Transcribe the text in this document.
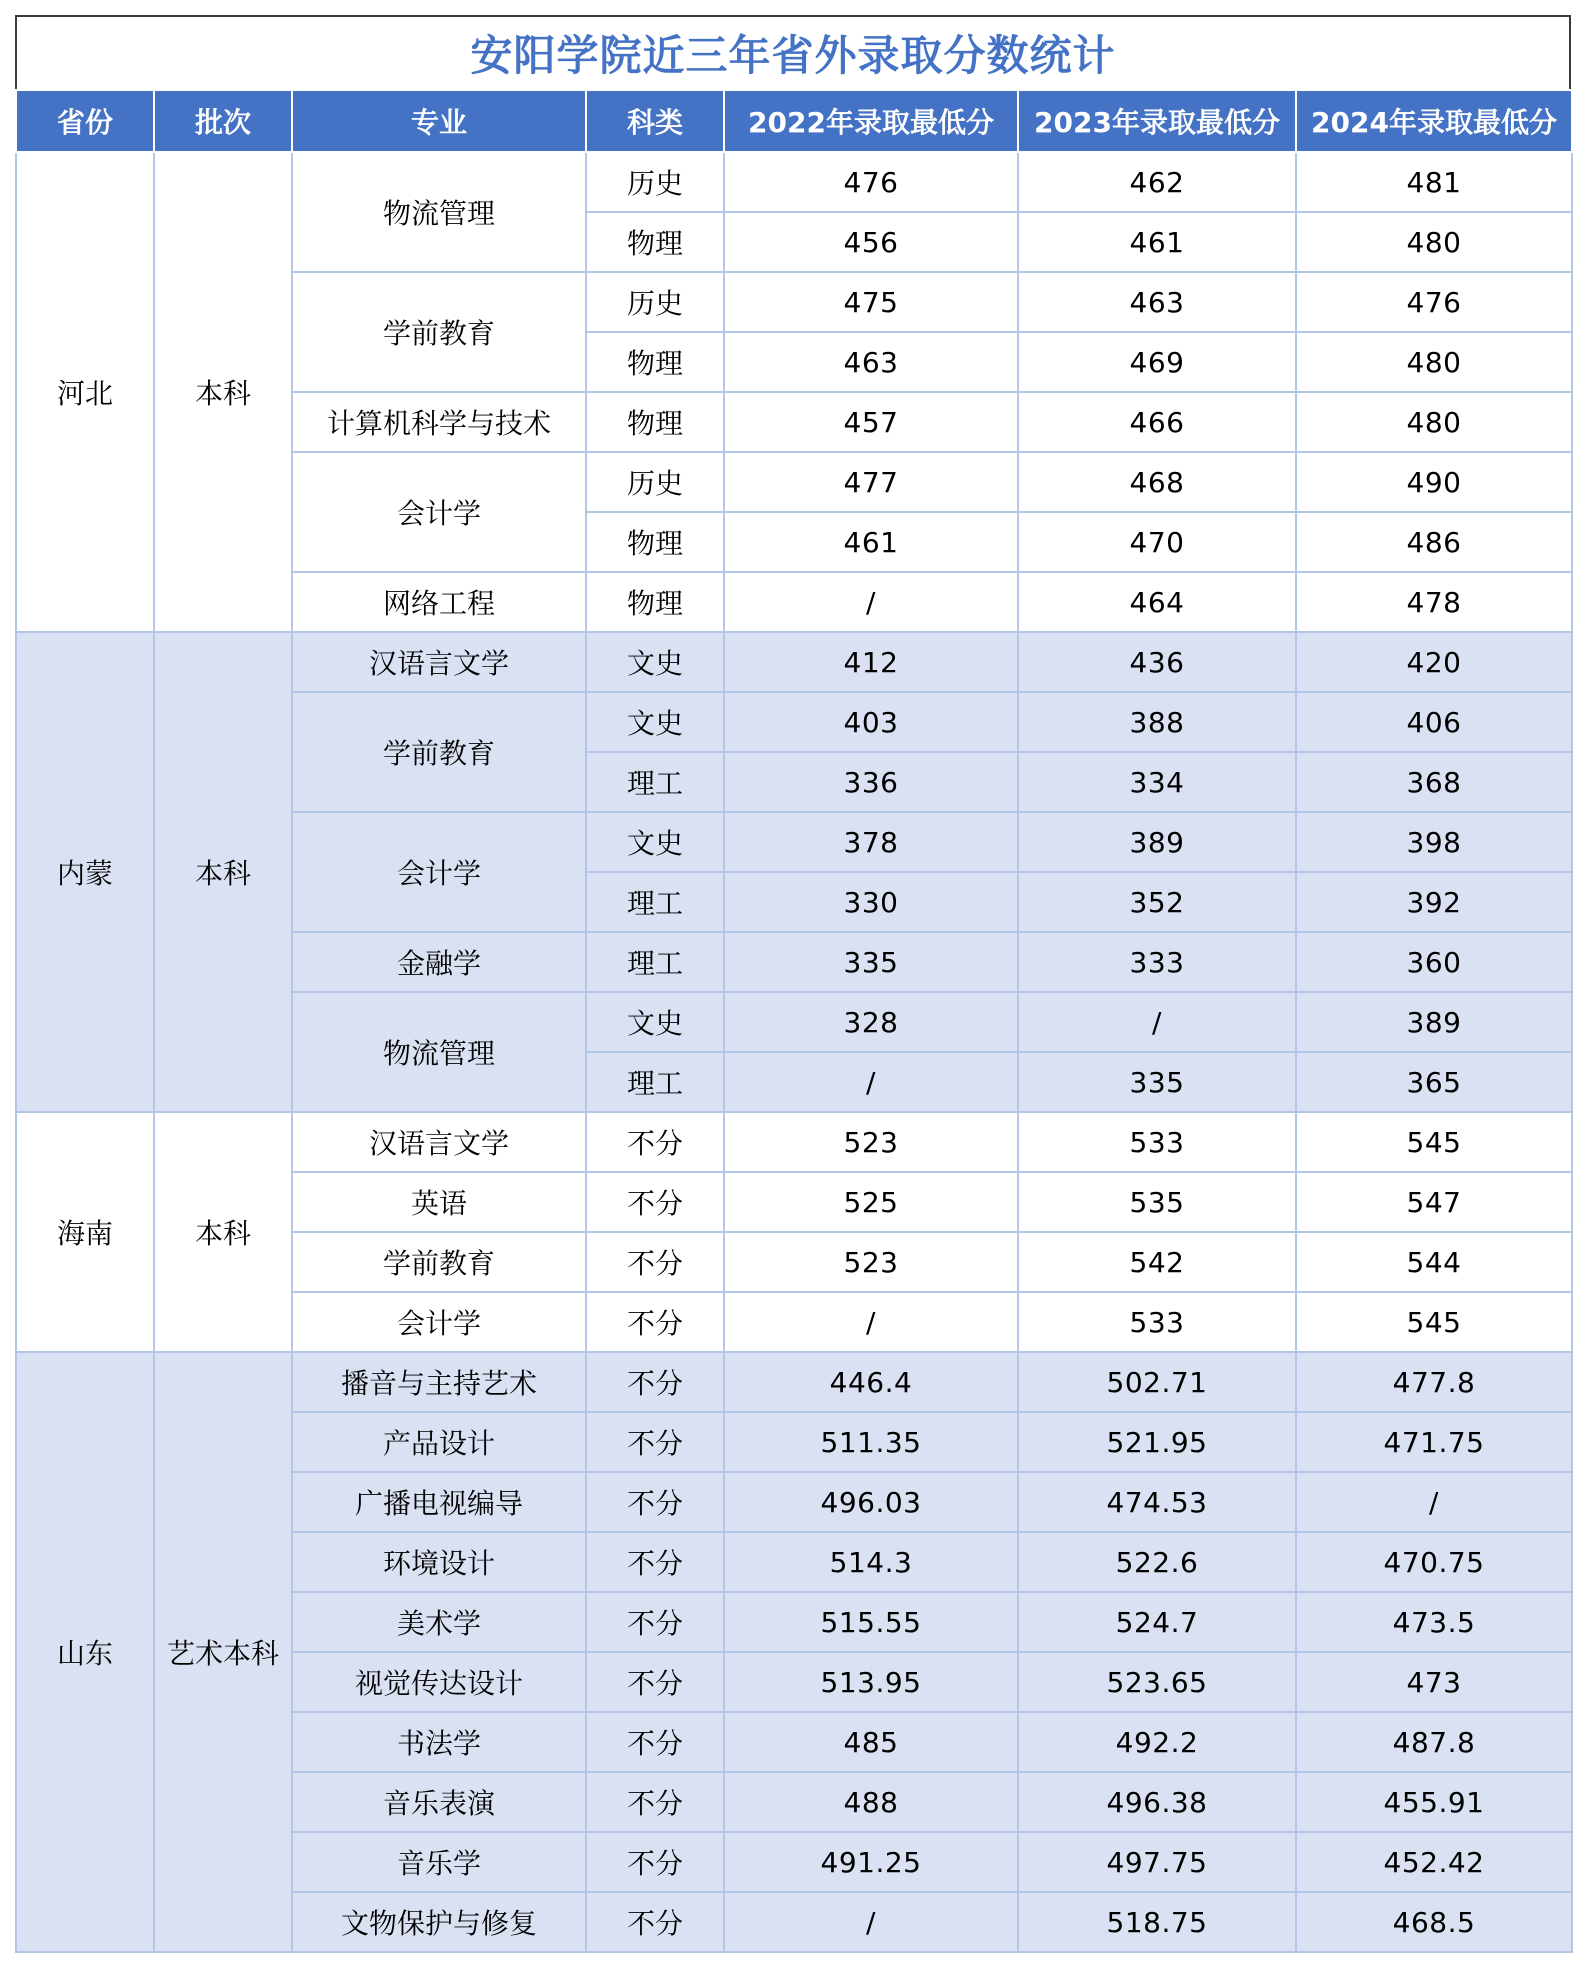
安阳学院近三年省外录取分数统计
省份	批次	专业	科类	2022年录取最低分	2023年录取最低分	2024年录取最低分
河北	本科	物流管理	历史	476	462	481
			物理	456	461	480
		学前教育	历史	475	463	476
			物理	463	469	480
		计算机科学与技术	物理	457	466	480
		会计学	历史	477	468	490
			物理	461	470	486
		网络工程	物理	/	464	478
内蒙	本科	汉语言文学	文史	412	436	420
		学前教育	文史	403	388	406
			理工	336	334	368
		会计学	文史	378	389	398
			理工	330	352	392
		金融学	理工	335	333	360
		物流管理	文史	328	/	389
			理工	/	335	365
海南	本科	汉语言文学	不分	523	533	545
		英语	不分	525	535	547
		学前教育	不分	523	542	544
		会计学	不分	/	533	545
山东	艺术本科	播音与主持艺术	不分	446.4	502.71	477.8
		产品设计	不分	511.35	521.95	471.75
		广播电视编导	不分	496.03	474.53	/
		环境设计	不分	514.3	522.6	470.75
		美术学	不分	515.55	524.7	473.5
		视觉传达设计	不分	513.95	523.65	473
		书法学	不分	485	492.2	487.8
		音乐表演	不分	488	496.38	455.91
		音乐学	不分	491.25	497.75	452.42
		文物保护与修复	不分	/	518.75	468.5
